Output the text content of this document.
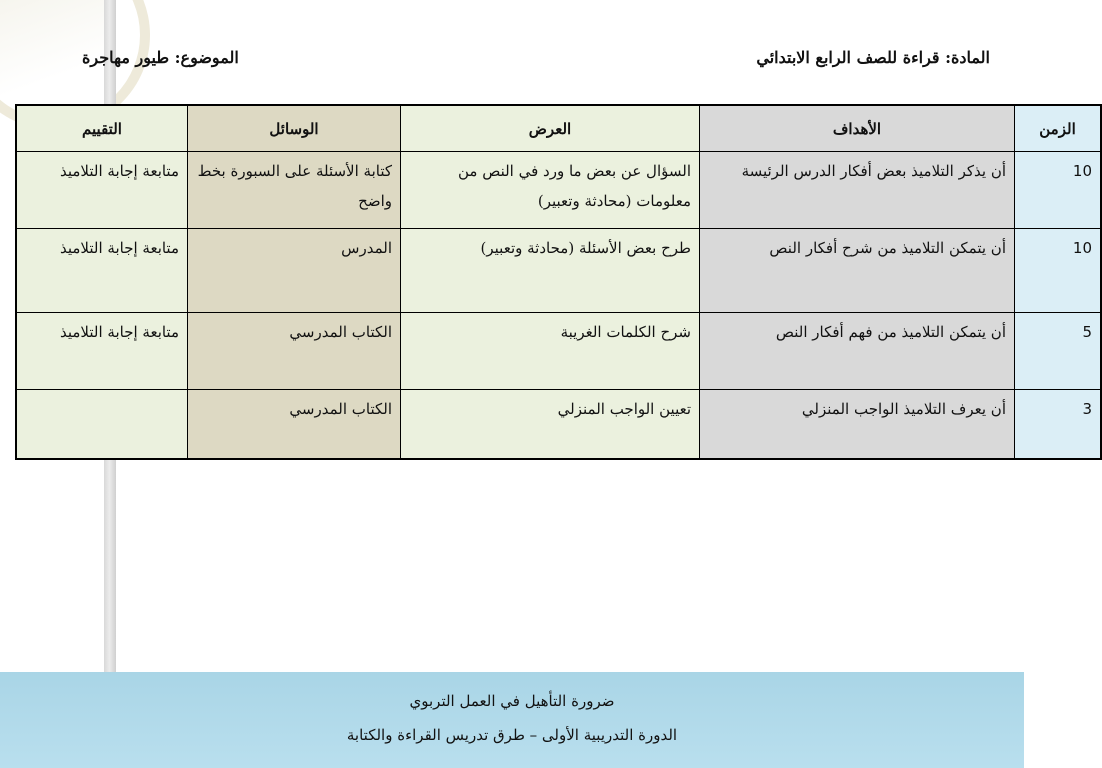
المادة: قراءة للصف الرابع الابتدائي
الموضوع: طيور مهاجرة
الزمن	الأهداف	العرض	الوسائل	التقييم
10	أن يذكر التلاميذ بعض أفكار الدرس الرئيسة	السؤال عن بعض ما ورد في النص من معلومات (محادثة وتعبير)	كتابة الأسئلة على السبورة بخط واضح	متابعة إجابة التلاميذ
10	أن يتمكن التلاميذ من شرح أفكار النص	طرح بعض الأسئلة (محادثة وتعبير)	المدرس	متابعة إجابة التلاميذ
5	أن يتمكن التلاميذ من فهم أفكار النص	شرح الكلمات الغريبة	الكتاب المدرسي	متابعة إجابة التلاميذ
3	أن يعرف التلاميذ الواجب المنزلي	تعيين الواجب المنزلي	الكتاب المدرسي	
ضرورة التأهيل في العمل التربوي
الدورة التدريبية الأولى – طرق تدريس القراءة والكتابة
